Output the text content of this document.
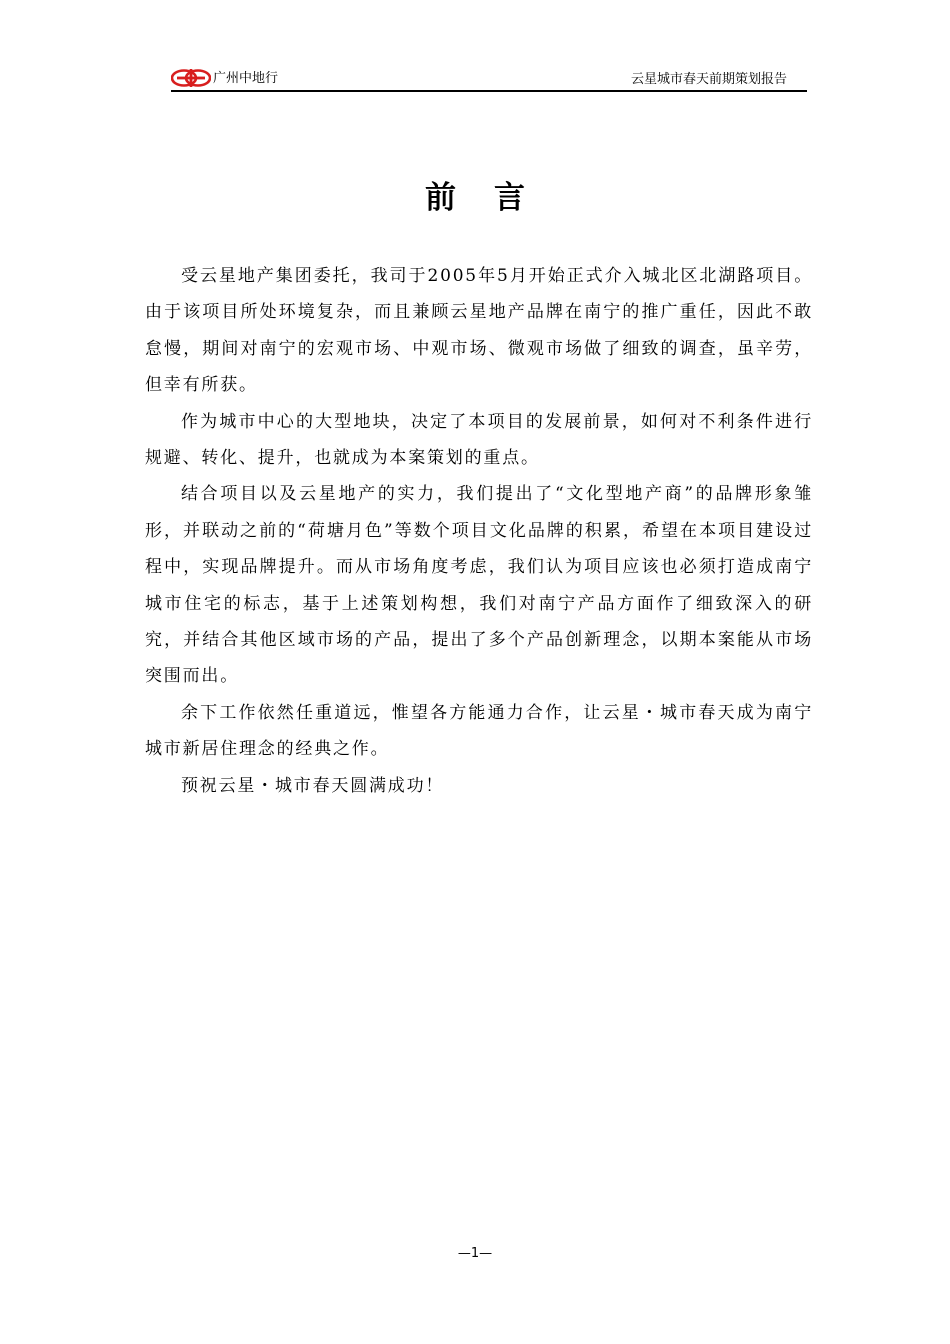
广州中地行	云星城市春天前期策划报告
前言

受云星地产集团委托，我司于2005年5月开始正式介入城北区北湖路项目。由于该项目所处环境复杂，而且兼顾云星地产品牌在南宁的推广重任，因此不敢怠慢，期间对南宁的宏观市场、中观市场、微观市场做了细致的调查，虽辛劳，但幸有所获。

作为城市中心的大型地块，决定了本项目的发展前景，如何对不利条件进行规避、转化、提升，也就成为本案策划的重点。

结合项目以及云星地产的实力，我们提出了“文化型地产商”的品牌形象雏形，并联动之前的“荷塘月色”等数个项目文化品牌的积累，希望在本项目建设过程中，实现品牌提升。而从市场角度考虑，我们认为项目应该也必须打造成南宁城市住宅的标志，基于上述策划构想，我们对南宁产品方面作了细致深入的研究，并结合其他区域市场的产品，提出了多个产品创新理念，以期本案能从市场突围而出。

余下工作依然任重道远，惟望各方能通力合作，让云星・城市春天成为南宁城市新居住理念的经典之作。

预祝云星・城市春天圆满成功！

—1—
